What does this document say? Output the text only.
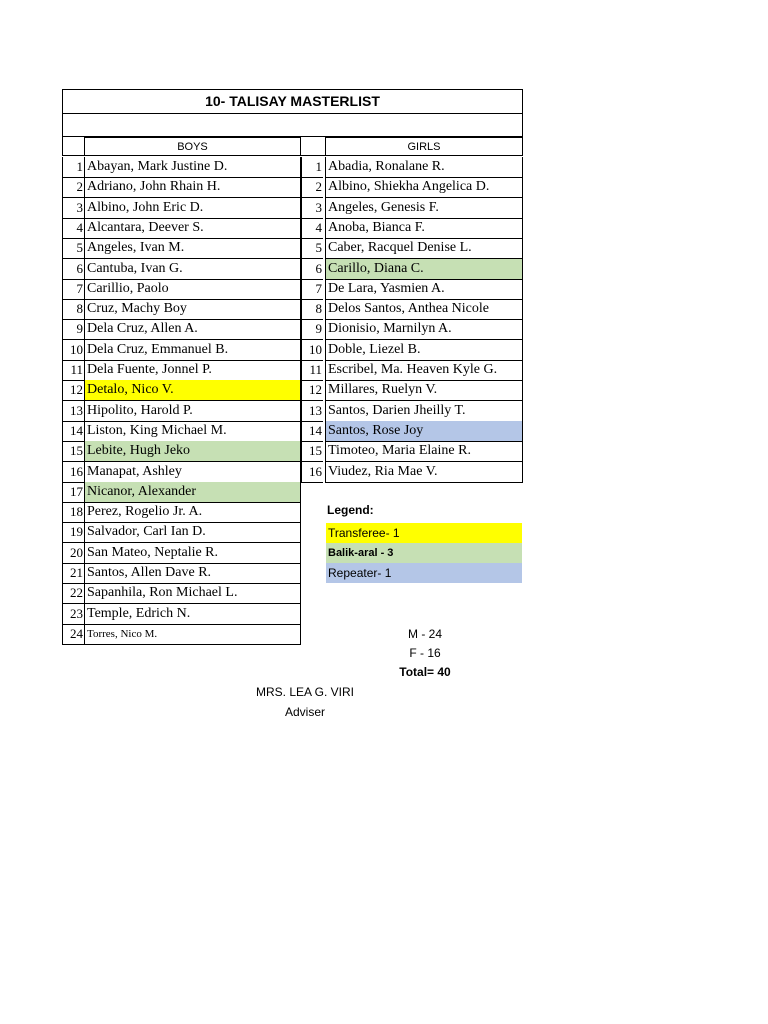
10- TALISAY MASTERLIST
BOYS	GIRLS
1 Abayan, Mark Justine D.
2 Adriano, John Rhain H.
3 Albino, John Eric D.
4 Alcantara, Deever S.
5 Angeles, Ivan M.
6 Cantuba, Ivan G.
7 Carillio, Paolo
8 Cruz, Machy Boy
9 Dela Cruz, Allen A.
10 Dela Cruz, Emmanuel B.
11 Dela Fuente, Jonnel P.
12 Detalo, Nico V.
13 Hipolito, Harold P.
14 Liston, King Michael M.
15 Lebite, Hugh Jeko
16 Manapat, Ashley
17 Nicanor, Alexander
18 Perez, Rogelio Jr. A.
19 Salvador, Carl Ian D.
20 San Mateo, Neptalie R.
21 Santos, Allen Dave R.
22 Sapanhila, Ron Michael L.
23 Temple, Edrich N.
24 Torres, Nico M.
1 Abadia, Ronalane R.
2 Albino, Shiekha Angelica D.
3 Angeles, Genesis F.
4 Anoba, Bianca F.
5 Caber, Racquel Denise L.
6 Carillo, Diana C.
7 De Lara, Yasmien A.
8 Delos Santos, Anthea Nicole
9 Dionisio, Marnilyn A.
10 Doble, Liezel B.
11 Escribel, Ma. Heaven Kyle G.
12 Millares, Ruelyn V.
13 Santos, Darien Jheilly T.
14 Santos, Rose Joy
15 Timoteo, Maria Elaine R.
16 Viudez, Ria Mae V.
Legend:
Transferee- 1
Balik-aral - 3
Repeater- 1
M - 24
F - 16
Total= 40
MRS. LEA G. VIRI
Adviser
